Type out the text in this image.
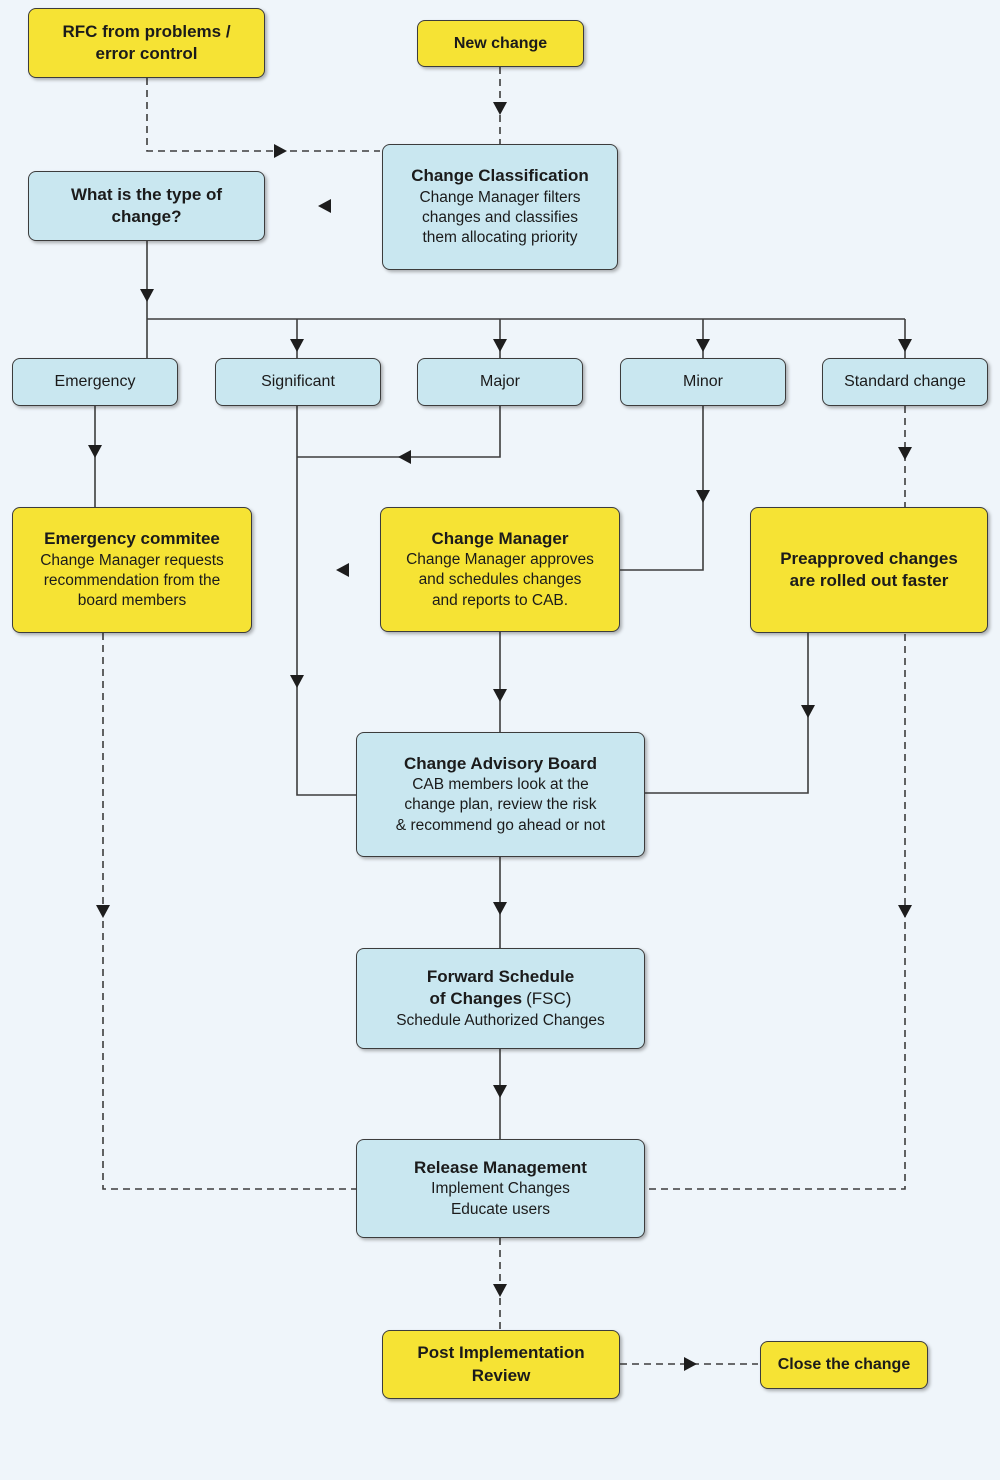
RFC from problems /
error control
New change
Change Classification
Change Manager filters
changes and classifies
them allocating priority
What is the type of
change?
Emergency	Significant	Major	Minor	Standard change
Emergency commitee
Change Manager requests
recommendation from the
board members
Change Manager
Change Manager approves
and schedules changes
and reports to CAB.
Preapproved changes
are rolled out faster
Change Advisory Board
CAB members look at the
change plan, review the risk
& recommend go ahead or not
Forward Schedule
of Changes (FSC)
Schedule Authorized Changes
Release Management
Implement Changes
Educate users
Post Implementation
Review
Close the change
